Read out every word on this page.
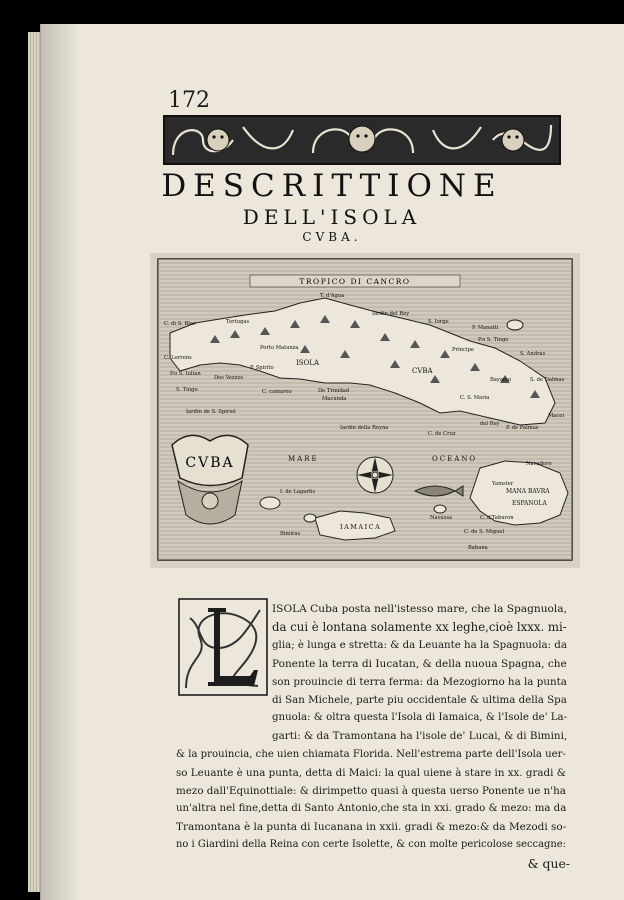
172
DESCRITTIONE
DELL'ISOLA
CVBA.
TROPICO DI CANCRO
CVBA
T. d'Agua
Iardin del Rey
S. Iorge
P. Manatti
P.o S. Tingo
Principe
S. Andras
C. di S. Blas	Tortugas
ISOLA
CVBA
Porto Matanza
C. Lorrens
P.o S. Iulian
P. Spirito
S. Tingo
Dos Vezzos
C. camareo
Macunda
De Trinidad
Iardin della Reyna
C. de Cruz
del Rey
P. de Palmas
Macei
Iardin de S. Spiriel
C. S. Maria
Bayamo	S. de Dalmas
MARE	OCEANO
I. de Lagartis
Navassa
Navadero
Yamster
MANA BAVRA
ESPANOLA
C. d'Taburon
C. de S. Miguel
IAMAICA
Bimiras
Babana
ISOLA Cuba posta nell'istesso mare, che la Spagnuola,
da cui è lontana solamente xx leghe,cioè lxxx. mi-
glia; è lunga e stretta: & da Leuante ha la Spagnuola: da
Ponente la terra di Iucatan, & della nuoua Spagna, che
son prouincie di terra ferma: da Mezogiorno ha la punta
di San Michele, parte piu occidentale & ultima della Spa
gnuola: & oltra questa l'Isola di Iamaica, & l'Isole de' La-
garti: & da Tramontana ha l'isole de' Lucai, & di Bimini,
& la prouincia, che uien chiamata Florida. Nell'estrema parte dell'Isola uer-
so Leuante è una punta, detta di Maici: la qual uiene à stare in xx. gradi &
mezo dall'Equinottiale: & dirimpetto quasi à questa uerso Ponente ue n'ha
un'altra nel fine,detta di Santo Antonio,che sta in xxi. grado & mezo: ma da
Tramontana è la punta di Iucanana in xxii. gradi & mezo:& da Mezodi so-
no i Giardini della Reina con certe Isolette, & con molte pericolose seccagne:
& que-
